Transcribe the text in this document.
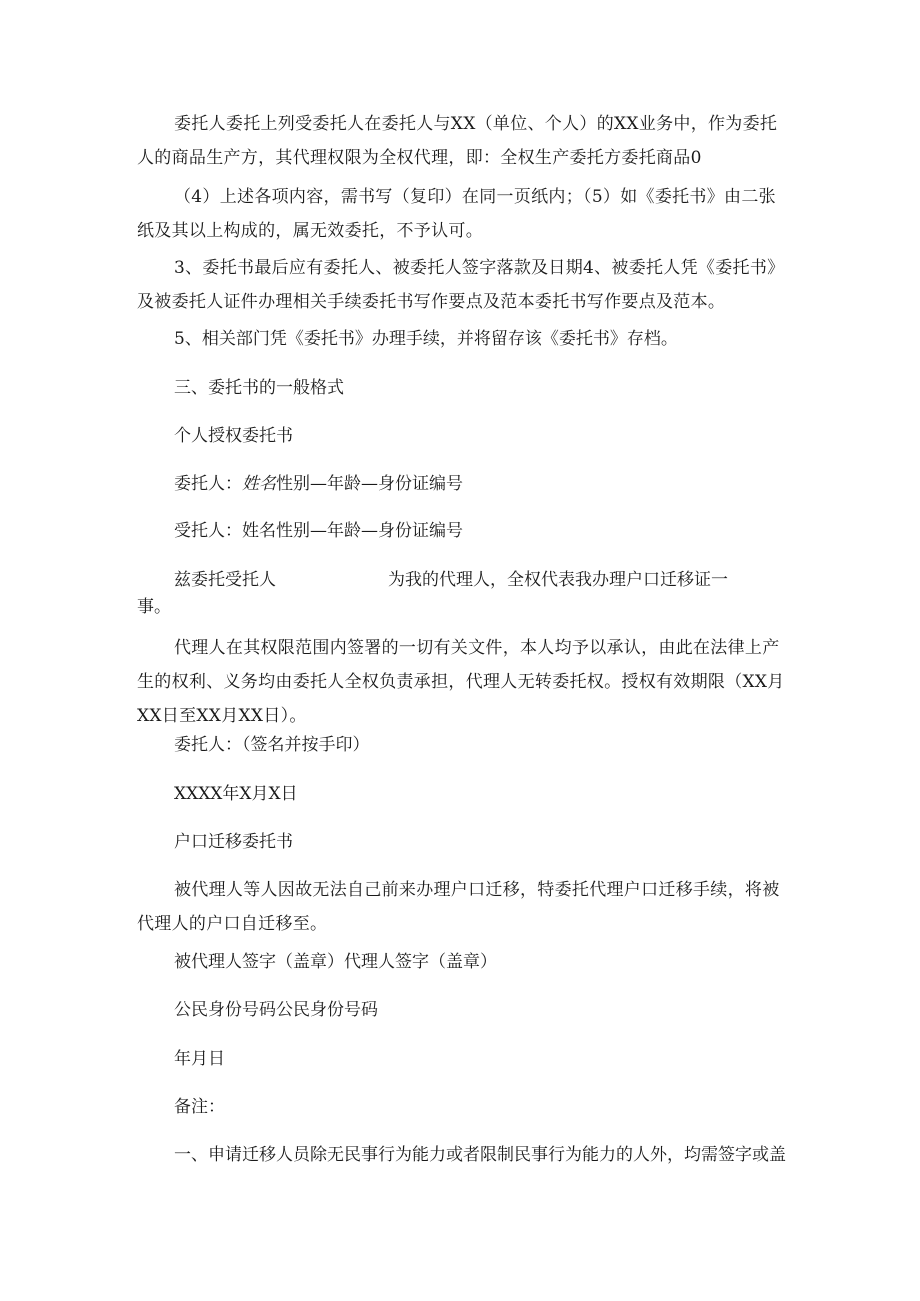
委托人委托上列受委托人在委托人与XX（单位、个人）的XX业务中，作为委托人的商品生产方，其代理权限为全权代理，即：全权生产委托方委托商品0

（4）上述各项内容，需书写（复印）在同一页纸内；（5）如《委托书》由二张纸及其以上构成的，属无效委托，不予认可。

3、委托书最后应有委托人、被委托人签字落款及日期4、被委托人凭《委托书》及被委托人证件办理相关手续委托书写作要点及范本委托书写作要点及范本。

5、相关部门凭《委托书》办理手续，并将留存该《委托书》存档。

三、委托书的一般格式

个人授权委托书

委托人：姓名性别—年龄—身份证编号

受托人：姓名性别—年龄—身份证编号

兹委托受托人	为我的代理人，全权代表我办理户口迁移证一

事。

代理人在其权限范围内签署的一切有关文件，本人均予以承认，由此在法律上产生的权利、义务均由委托人全权负责承担，代理人无转委托权。授权有效期限（XX月XX日至XX月XX日）。

委托人：（签名并按手印）

XXXX年X月X日

户口迁移委托书

被代理人等人因故无法自己前来办理户口迁移，特委托代理户口迁移手续，将被代理人的户口自迁移至。

被代理人签字（盖章）代理人签字（盖章）

公民身份号码公民身份号码

年月日

备注：

一、申请迁移人员除无民事行为能力或者限制民事行为能力的人外，均需签字或盖
